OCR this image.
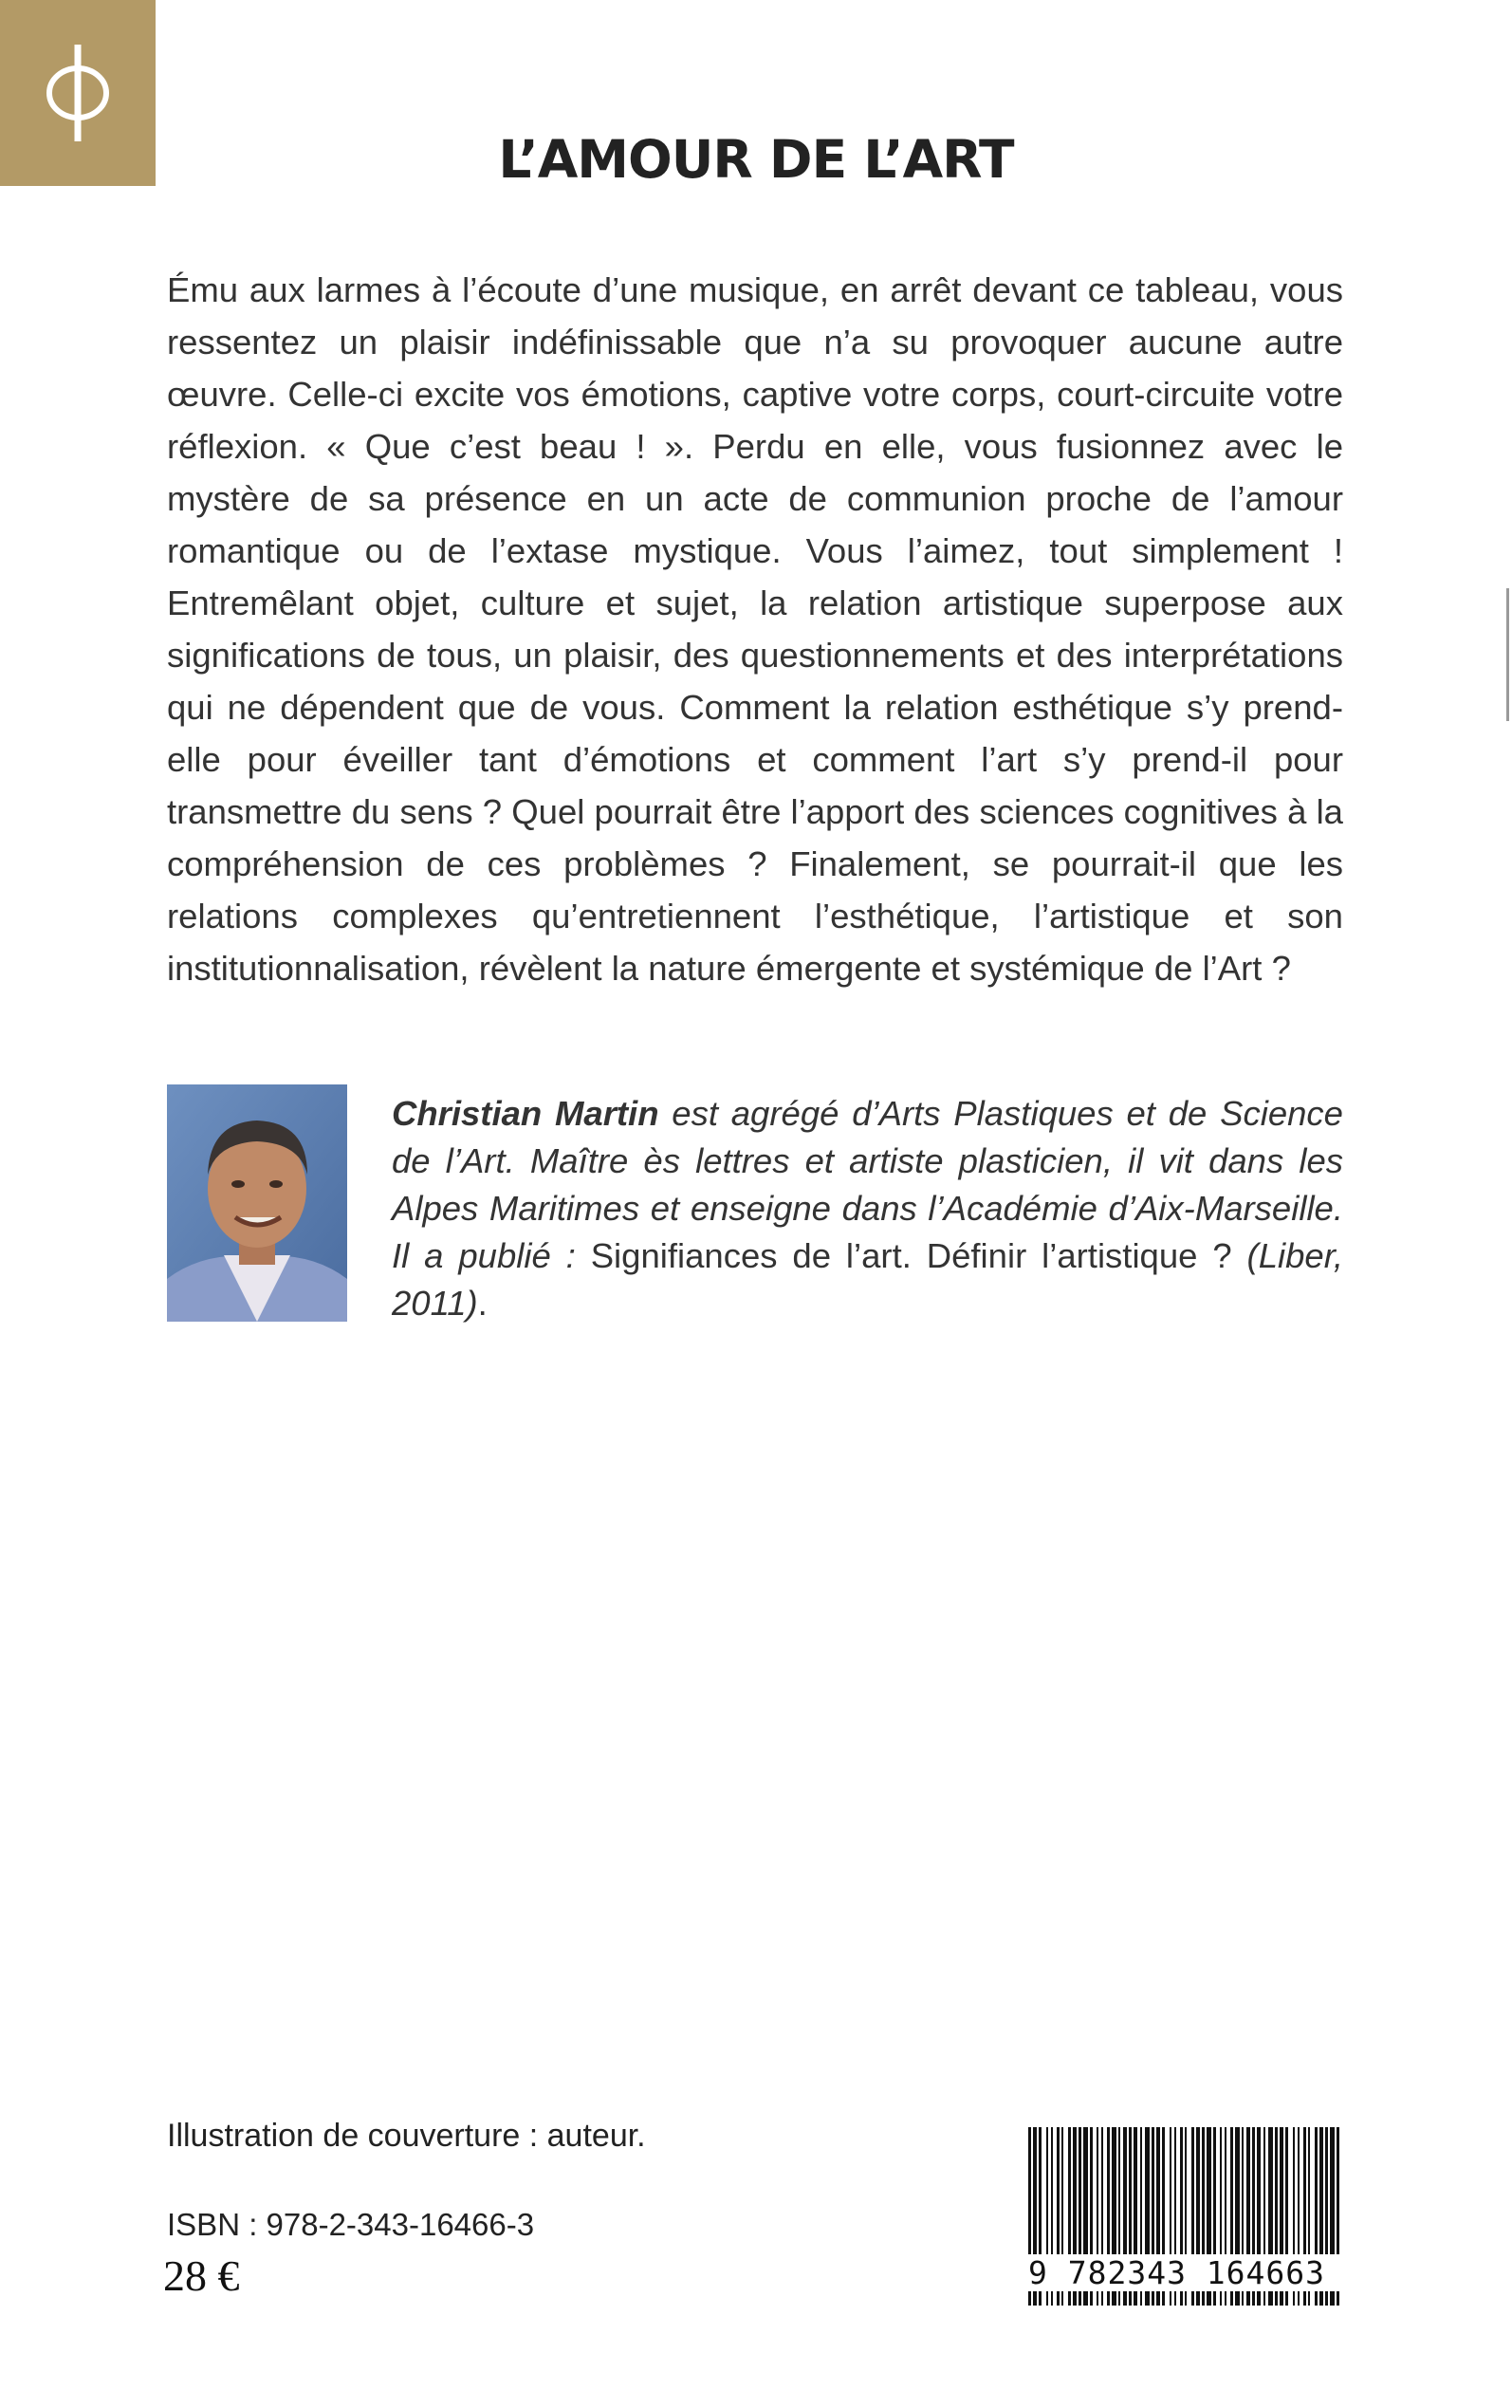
L’AMOUR DE L’ART

Ému aux larmes à l’écoute d’une musique, en arrêt devant ce tableau, vous ressentez un plaisir indéfinissable que n’a su provoquer aucune autre œuvre. Celle-ci excite vos émotions, captive votre corps, court-circuite votre réflexion. « Que c’est beau ! ». Perdu en elle, vous fusionnez avec le mystère de sa présence en un acte de communion proche de l’amour romantique ou de l’extase mystique. Vous l’aimez, tout simplement ! Entremêlant objet, culture et sujet, la relation artistique superpose aux significations de tous, un plaisir, des questionnements et des interprétations qui ne dépendent que de vous. Comment la relation esthétique s’y prend-elle pour éveiller tant d’émotions et comment l’art s’y prend-il pour transmettre du sens ? Quel pourrait être l’apport des sciences cognitives à la compréhension de ces problèmes ? Finalement, se pourrait-il que les relations complexes qu’entretiennent l’esthétique, l’artistique et son institutionnalisation, révèlent la nature émergente et systémique de l’Art ?

Christian Martin est agrégé d’Arts Plastiques et de Science de l’Art. Maître ès lettres et artiste plasticien, il vit dans les Alpes Maritimes et enseigne dans l’Académie d’Aix-Marseille. Il a publié : Signifiances de l’art. Définir l’artistique ? (Liber, 2011).

Illustration de couverture : auteur.

ISBN : 978-2-343-16466-3

28 €	9 782343 164663
